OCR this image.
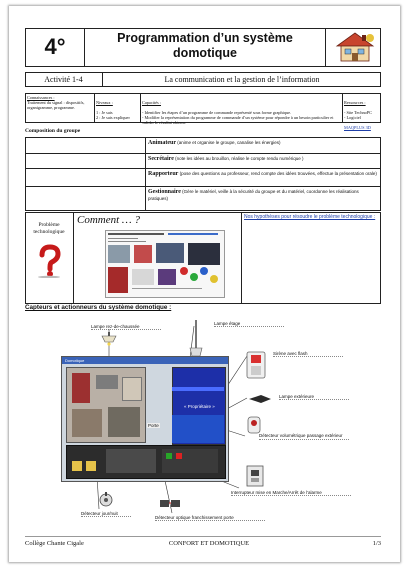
4°	Programmation d’un système
domotique
Activité 1-4	La communication et la gestion de l’information
Connaissances :
Traitement du signal : dispositifs, organigramme, programme.

Niveaux :

1 : Je sais
2 : Je sais expliquer

Capacités :

- Identifier les étapes d’un programme de commande représenté sous forme graphique.
- Modifier la représentation du programme de commande d’un système pour répondre à un besoin particulier et valider le résultat obtenu.

Ressources :

- Site TechnoPC
- Logiciel

MAQPLUS 3D

Composition du groupe
Animateur (anime et organise le groupe, canalise les énergies)
Secrétaire (note les idées au brouillon, réalise le compte rendu numérique )
Rapporteur (pose des questions au professeur, rend compte des idées trouvées, effectue la présentation orale)
Gestionnaire (Gère le matériel, veille à la sécurité du groupe et du matériel, coordonne les réalisations pratiques)
Problème technologique
Comment … ?	Nos hypothèses pour résoudre le problème technologique :
Capteurs et actionneurs du système domotique :
Lampe rez-de-chaussée
Lampe étage
Sirène avec flash
Lampe extérieure
Détecteur volumétrique passage extérieur
Interrupteur mise en Marche/Arrêt de l’alarme
Détecteur optique franchissement porte
Détecteur jour/nuit
Domotique
Porte
« Propriétaire »
Collège Chante Cigale	CONFORT ET DOMOTIQUE	1/3
